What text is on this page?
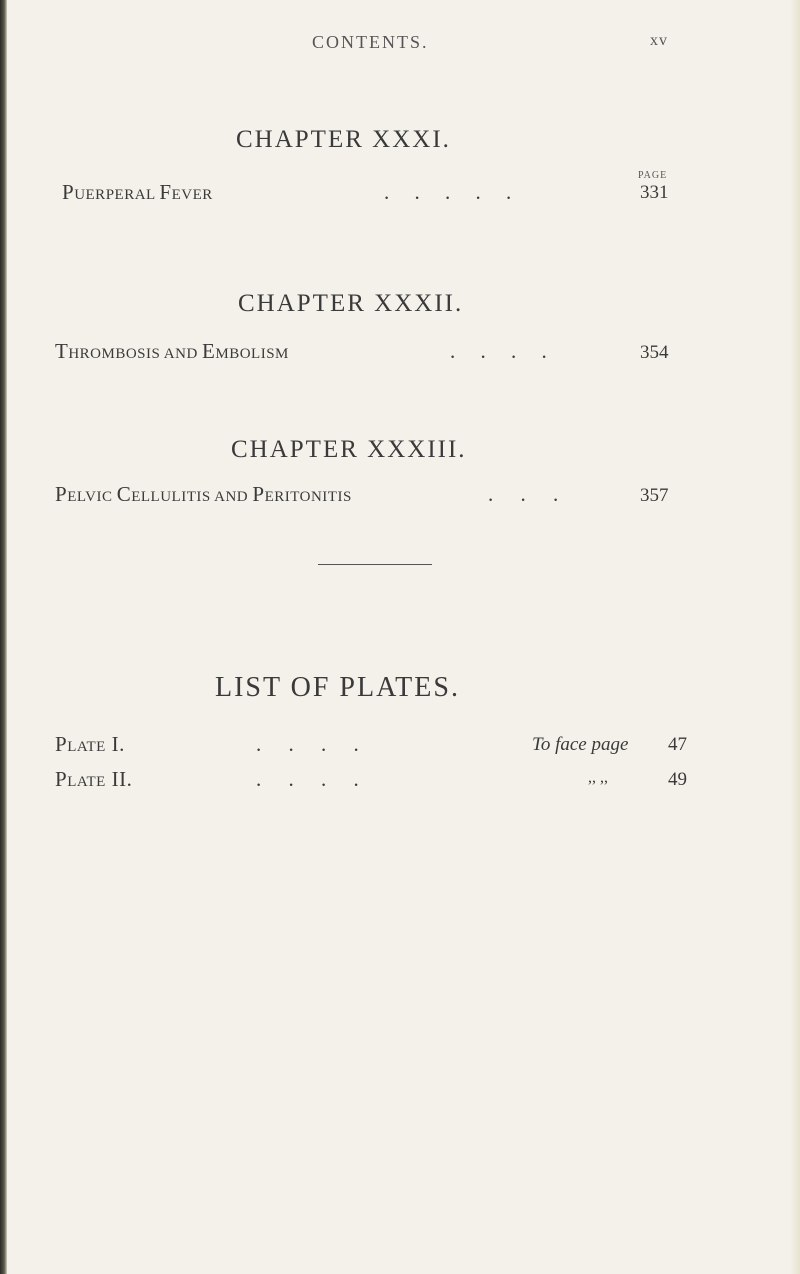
CONTENTS.	xv
CHAPTER XXXI.
PAGE
PUERPERAL FEVER	. . . . .	331
CHAPTER XXXII.
THROMBOSIS AND EMBOLISM	. . . .	354
CHAPTER XXXIII.
PELVIC CELLULITIS AND PERITONITIS	. . .	357
LIST OF PLATES.
PLATE I.	. . . .	To face page 47
PLATE II.	. . . .	,, ,,	49
